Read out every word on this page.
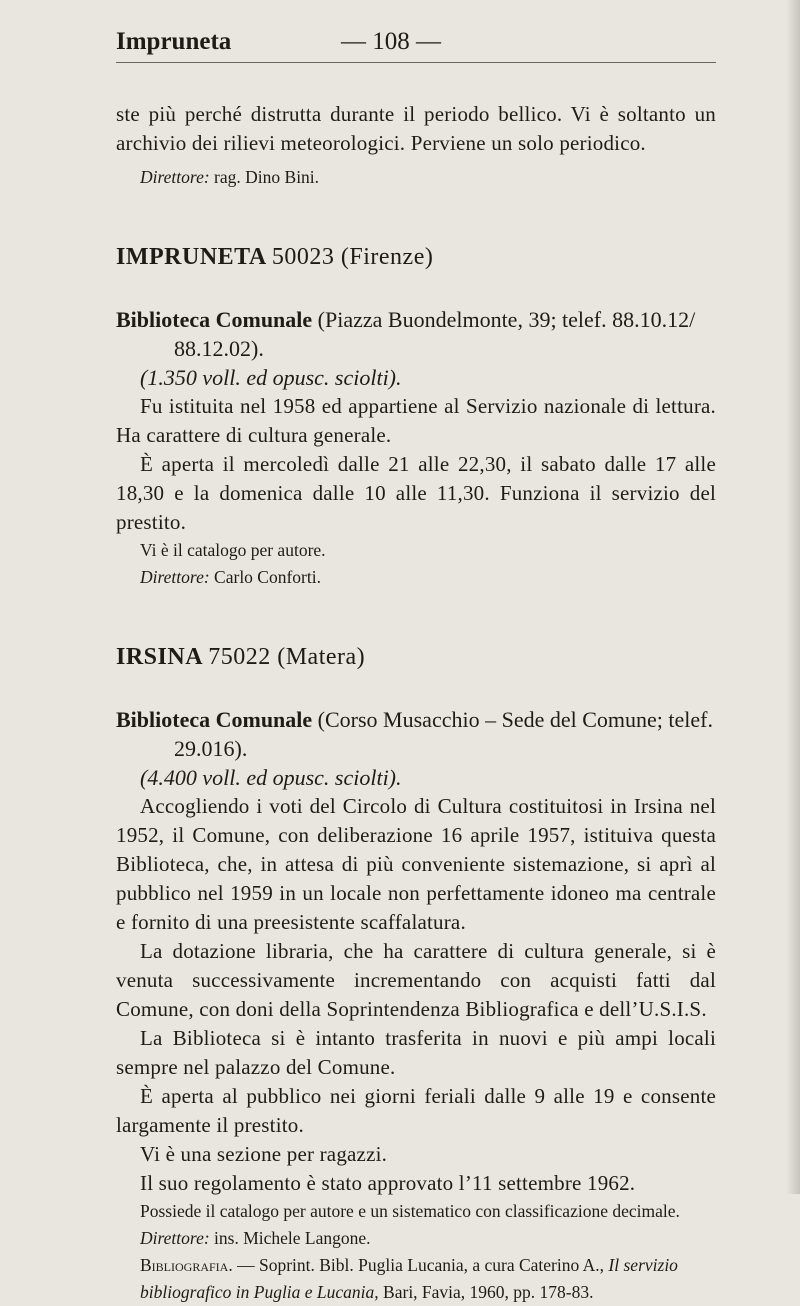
Impruneta	— 108 —

ste più perché distrutta durante il periodo bellico. Vi è soltanto un archivio dei rilievi meteorologici. Perviene un solo periodico.

Direttore: rag. Dino Bini.

IMPRUNETA 50023 (Firenze)

Biblioteca Comunale (Piazza Buondelmonte, 39; telef. 88.10.12/

88.12.02).

(1.350 voll. ed opusc. sciolti).

Fu istituita nel 1958 ed appartiene al Servizio nazionale di lettura. Ha carattere di cultura generale.

È aperta il mercoledì dalle 21 alle 22,30, il sabato dalle 17 alle 18,30 e la domenica dalle 10 alle 11,30. Funziona il servizio del prestito.

Vi è il catalogo per autore.

Direttore: Carlo Conforti.

IRSINA 75022 (Matera)

Biblioteca Comunale (Corso Musacchio – Sede del Comune; telef.

29.016).

(4.400 voll. ed opusc. sciolti).

Accogliendo i voti del Circolo di Cultura costituitosi in Irsina nel 1952, il Comune, con deliberazione 16 aprile 1957, istituiva questa Biblioteca, che, in attesa di più conveniente sistemazione, si aprì al pubblico nel 1959 in un locale non perfettamente idoneo ma centrale e fornito di una preesistente scaffalatura.

La dotazione libraria, che ha carattere di cultura generale, si è venuta successivamente incrementando con acquisti fatti dal Comune, con doni della Soprintendenza Bibliografica e dell’U.S.I.S.

La Biblioteca si è intanto trasferita in nuovi e più ampi locali sempre nel palazzo del Comune.

È aperta al pubblico nei giorni feriali dalle 9 alle 19 e consente largamente il prestito.

Vi è una sezione per ragazzi.

Il suo regolamento è stato approvato l’11 settembre 1962.

Possiede il catalogo per autore e un sistematico con classificazione decimale.

Direttore: ins. Michele Langone.

Bibliografia. — Soprint. Bibl. Puglia Lucania, a cura Caterino A., Il servizio bibliografico in Puglia e Lucania, Bari, Favia, 1960, pp. 178-83.
